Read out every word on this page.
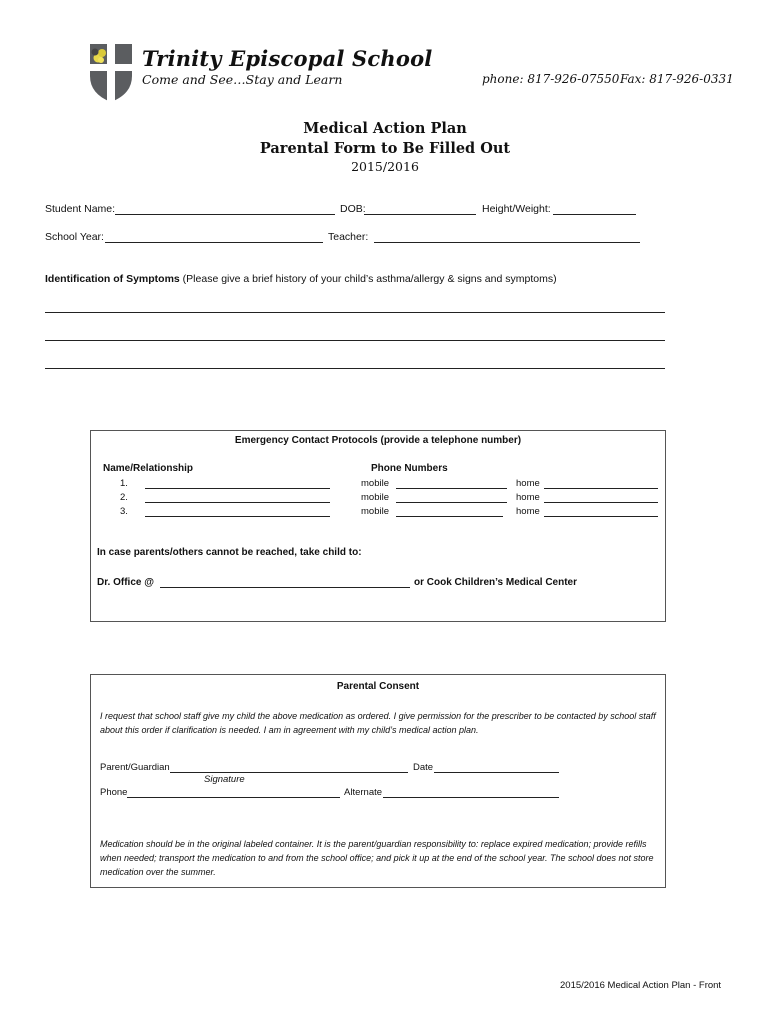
Trinity Episcopal School
Come and See…Stay and Learn	phone: 817-926-07550 Fax: 817-926-0331
Medical Action Plan
Parental Form to Be Filled Out
2015/2016
Student Name:	DOB:	Height/Weight:
School Year:	Teacher:
Identification of Symptoms (Please give a brief history of your child’s asthma/allergy & signs and symptoms)
Emergency Contact Protocols (provide a telephone number)
Name/Relationship	Phone Numbers
1.	mobile	home
2.	mobile	home
3.	mobile	home
In case parents/others cannot be reached, take child to:
Dr. Office @	or Cook Children’s Medical Center
Parental Consent
I request that school staff give my child the above medication as ordered. I give permission for the prescriber to be contacted by school staff about this order if clarification is needed. I am in agreement with my child’s medical action plan.
Parent/Guardian	Date
Signature
Phone	Alternate
Medication should be in the original labeled container. It is the parent/guardian responsibility to: replace expired medication; provide refills when needed; transport the medication to and from the school office; and pick it up at the end of the school year. The school does not store medication over the summer.
2015/2016 Medical Action Plan - Front
